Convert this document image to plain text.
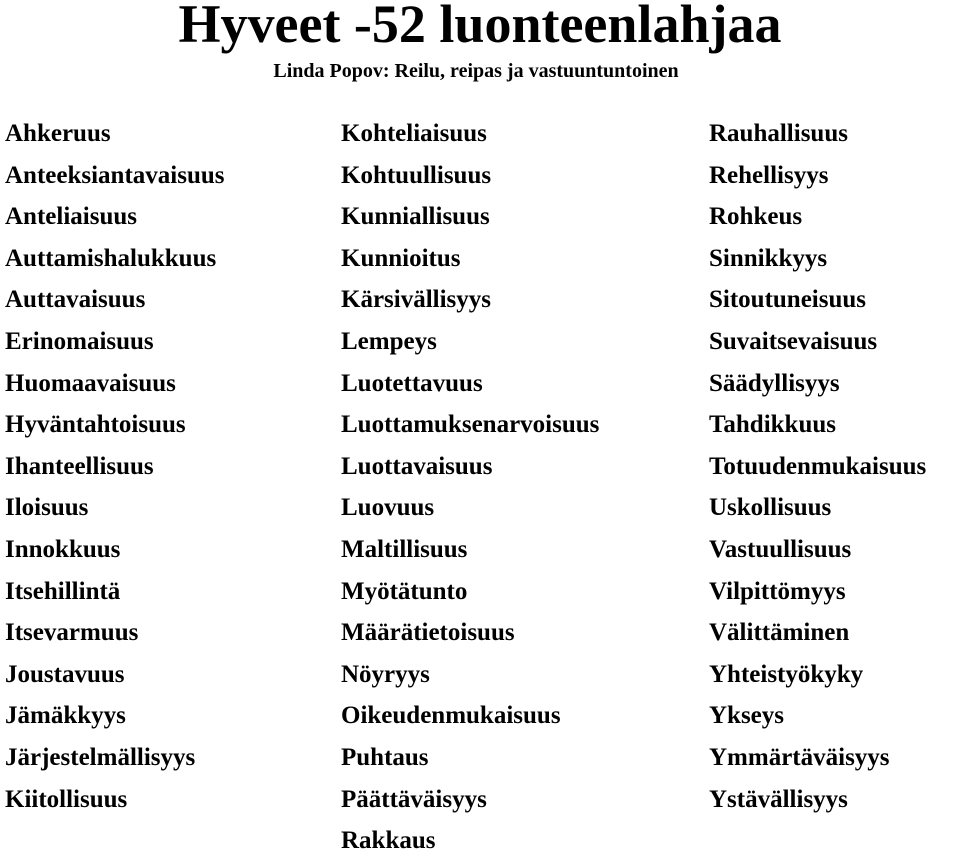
Hyveet -52 luonteenlahjaa
Linda Popov: Reilu, reipas ja vastuuntuntoinen
Ahkeruus
Anteeksiantavaisuus
Anteliaisuus
Auttamishalukkuus
Auttavaisuus
Erinomaisuus
Huomaavaisuus
Hyväntahtoisuus
Ihanteellisuus
Iloisuus
Innokkuus
Itsehillintä
Itsevarmuus
Joustavuus
Jämäkkyys
Järjestelmällisyys
Kiitollisuus
Kohteliaisuus
Kohtuullisuus
Kunniallisuus
Kunnioitus
Kärsivällisyys
Lempeys
Luotettavuus
Luottamuksenarvoisuus
Luottavaisuus
Luovuus
Maltillisuus
Myötätunto
Määrätietoisuus
Nöyryys
Oikeudenmukaisuus
Puhtaus
Päättäväisyys
Rakkaus
Rauhallisuus
Rehellisyys
Rohkeus
Sinnikkyys
Sitoutuneisuus
Suvaitsevaisuus
Säädyllisyys
Tahdikkuus
Totuudenmukaisuus
Uskollisuus
Vastuullisuus
Vilpittömyys
Välittäminen
Yhteistyökyky
Ykseys
Ymmärtäväisyys
Ystävällisyys
